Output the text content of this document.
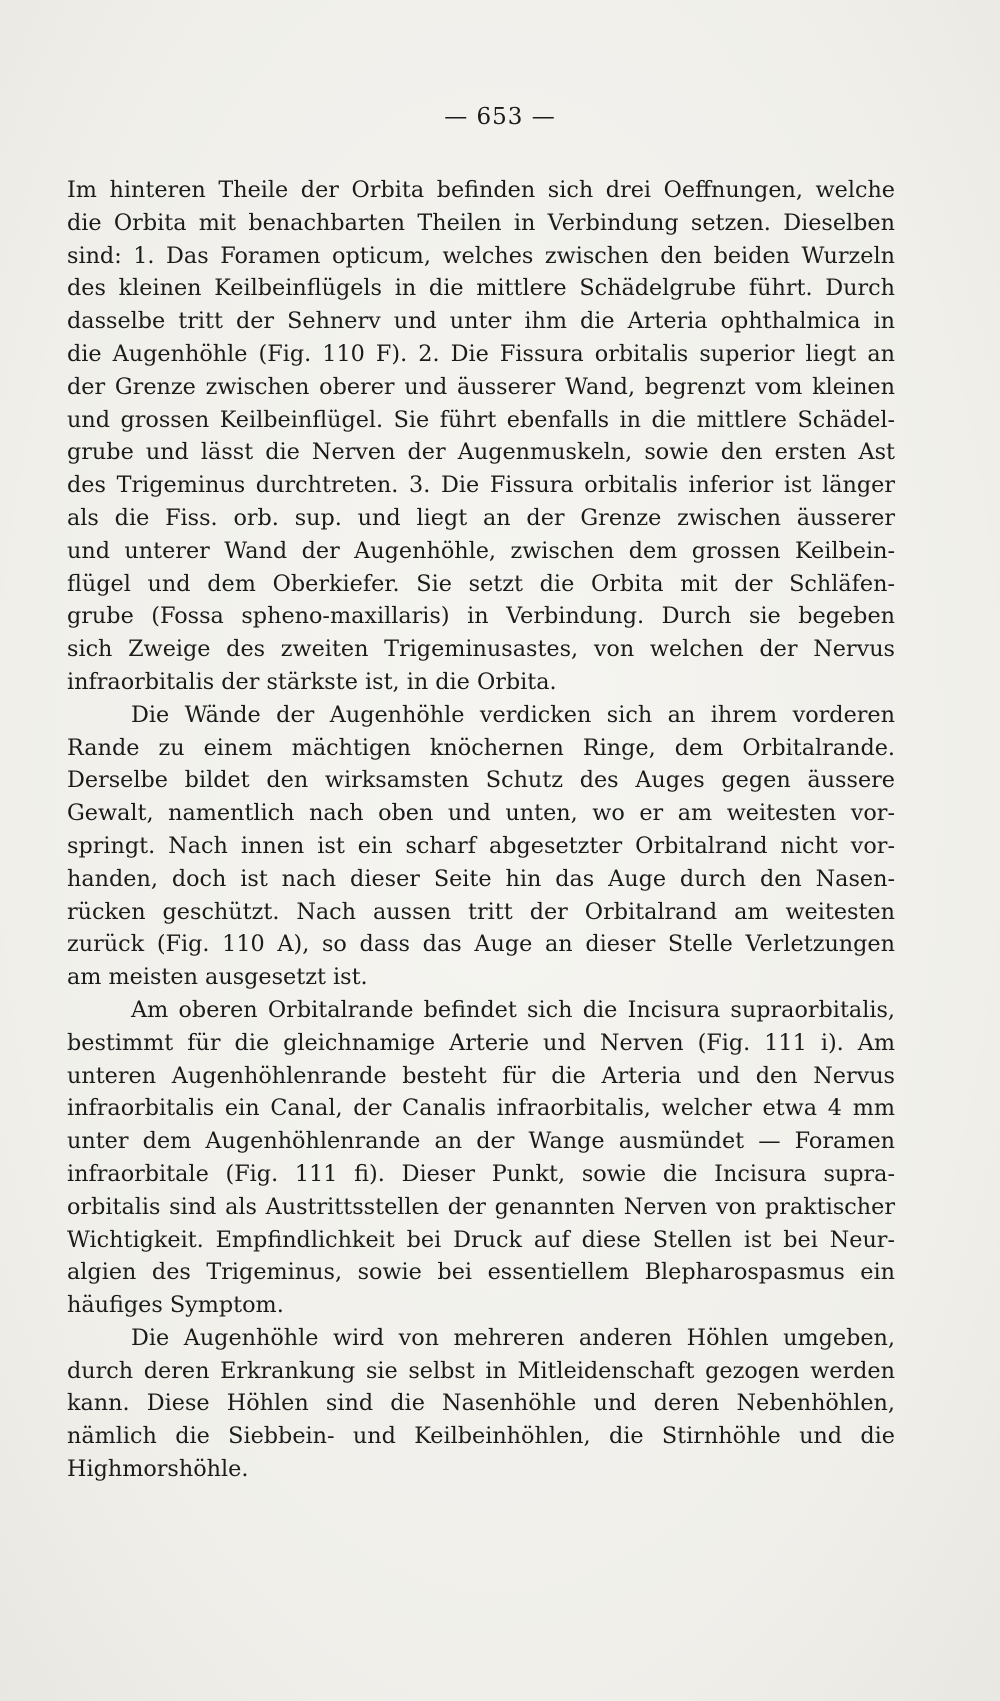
— 653 —

Im hinteren Theile der Orbita befinden sich drei Oeffnungen, welche

die Orbita mit benachbarten Theilen in Verbindung setzen. Dieselben

sind: 1. Das Foramen opticum, welches zwischen den beiden Wurzeln

des kleinen Keilbeinflügels in die mittlere Schädelgrube führt. Durch

dasselbe tritt der Sehnerv und unter ihm die Arteria ophthalmica in

die Augenhöhle (Fig. 110 F). 2. Die Fissura orbitalis superior liegt an

der Grenze zwischen oberer und äusserer Wand, begrenzt vom kleinen

und grossen Keilbeinflügel. Sie führt ebenfalls in die mittlere Schädel-

grube und lässt die Nerven der Augenmuskeln, sowie den ersten Ast

des Trigeminus durchtreten. 3. Die Fissura orbitalis inferior ist länger

als die Fiss. orb. sup. und liegt an der Grenze zwischen äusserer

und unterer Wand der Augenhöhle, zwischen dem grossen Keilbein-

flügel und dem Oberkiefer. Sie setzt die Orbita mit der Schläfen-

grube (Fossa spheno-maxillaris) in Verbindung. Durch sie begeben

sich Zweige des zweiten Trigeminusastes, von welchen der Nervus

infraorbitalis der stärkste ist, in die Orbita.

Die Wände der Augenhöhle verdicken sich an ihrem vorderen

Rande zu einem mächtigen knöchernen Ringe, dem Orbitalrande.

Derselbe bildet den wirksamsten Schutz des Auges gegen äussere

Gewalt, namentlich nach oben und unten, wo er am weitesten vor-

springt. Nach innen ist ein scharf abgesetzter Orbitalrand nicht vor-

handen, doch ist nach dieser Seite hin das Auge durch den Nasen-

rücken geschützt. Nach aussen tritt der Orbitalrand am weitesten

zurück (Fig. 110 A), so dass das Auge an dieser Stelle Verletzungen

am meisten ausgesetzt ist.

Am oberen Orbitalrande befindet sich die Incisura supraorbitalis,

bestimmt für die gleichnamige Arterie und Nerven (Fig. 111 i). Am

unteren Augenhöhlenrande besteht für die Arteria und den Nervus

infraorbitalis ein Canal, der Canalis infraorbitalis, welcher etwa 4 mm

unter dem Augenhöhlenrande an der Wange ausmündet — Foramen

infraorbitale (Fig. 111 fi). Dieser Punkt, sowie die Incisura supra-

orbitalis sind als Austrittsstellen der genannten Nerven von praktischer

Wichtigkeit. Empfindlichkeit bei Druck auf diese Stellen ist bei Neur-

algien des Trigeminus, sowie bei essentiellem Blepharospasmus ein

häufiges Symptom.

Die Augenhöhle wird von mehreren anderen Höhlen umgeben,

durch deren Erkrankung sie selbst in Mitleidenschaft gezogen werden

kann. Diese Höhlen sind die Nasenhöhle und deren Nebenhöhlen,

nämlich die Siebbein- und Keilbeinhöhlen, die Stirnhöhle und die

Highmorshöhle.
